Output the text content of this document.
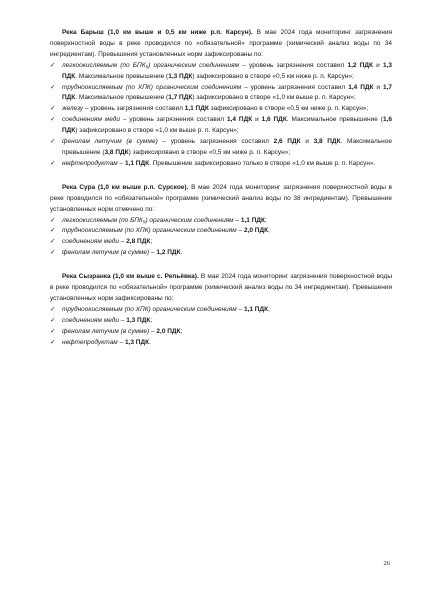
Река Барыш (1,0 км выше и 0,5 км ниже р.п. Карсун). В мае 2024 года мониторинг загрязнения поверхностной воды в реке проводился по «обязательной» программе (химический анализ воды по 34 ингредиентам). Превышения установленных норм зафиксированы по:

✓ легкоокисляемым (по БПК₅) органическим соединениям – уровень загрязнения составил 1,2 ПДК и 1,3 ПДК. Максимальное превышение (1,3 ПДК) зафиксировано в створе «0,5 км ниже р. п. Карсун»;
✓ трудноокисляемым (по ХПК) органическим соединениям – уровень загрязнения составил 1,4 ПДК и 1,7 ПДК. Максимальное превышение (1,7 ПДК) зафиксировано в створе «1,0 км выше р. п. Карсун»;
✓ железу – уровень загрязнения составил 1,1 ПДК зафиксировано в створе «0,5 км ниже р. п. Карсун»;
✓ соединениям меди – уровень загрязнения составил 1,4 ПДК и 1,6 ПДК. Максимальное превышение (1,6 ПДК) зафиксировано в створе «1,0 км выше р. п. Карсун»;
✓ фенолам летучим (в сумме) – уровень загрязнения составил 2,6 ПДК и 3,8 ПДК. Максимальное превышение (3,8 ПДК) зафиксировано в створе «0,5 км ниже р. п. Карсун»;
✓ нефтепродуктам – 1,1 ПДК. Превышение зафиксировано только в створе «1,0 км выше р. п. Карсун».

Река Сура (1,0 км выше р.п. Сурское). В мае 2024 года мониторинг загрязнения поверхностной воды в реке проводился по «обязательной» программе (химический анализ воды по 38 ингредиентам). Превышение установленных норм отмечено по:

✓ легкоокисляемым (по БПК₅) органическим соединениям – 1,1 ПДК;
✓ трудноокисляемым (по ХПК) органическим соединениям – 2,0 ПДК;
✓ соединениям меди – 2,8 ПДК;
✓ фенолам летучим (в сумме) – 1,2 ПДК.

Река Сызранка (1,0 км выше с. Репьёвка). В мае 2024 года мониторинг загрязнения поверхностной воды в реке проводился по «обязательной» программе (химический анализ воды по 34 ингредиентам). Превышения установленных норм зафиксированы по:

✓ трудноокисляемым (по ХПК) органическим соединениям – 1,1 ПДК;
✓ соединениям меди – 1,3 ПДК;
✓ фенолам летучим (в сумме) – 2,0 ПДК;
✓ нефтепродуктам – 1,3 ПДК.
26
